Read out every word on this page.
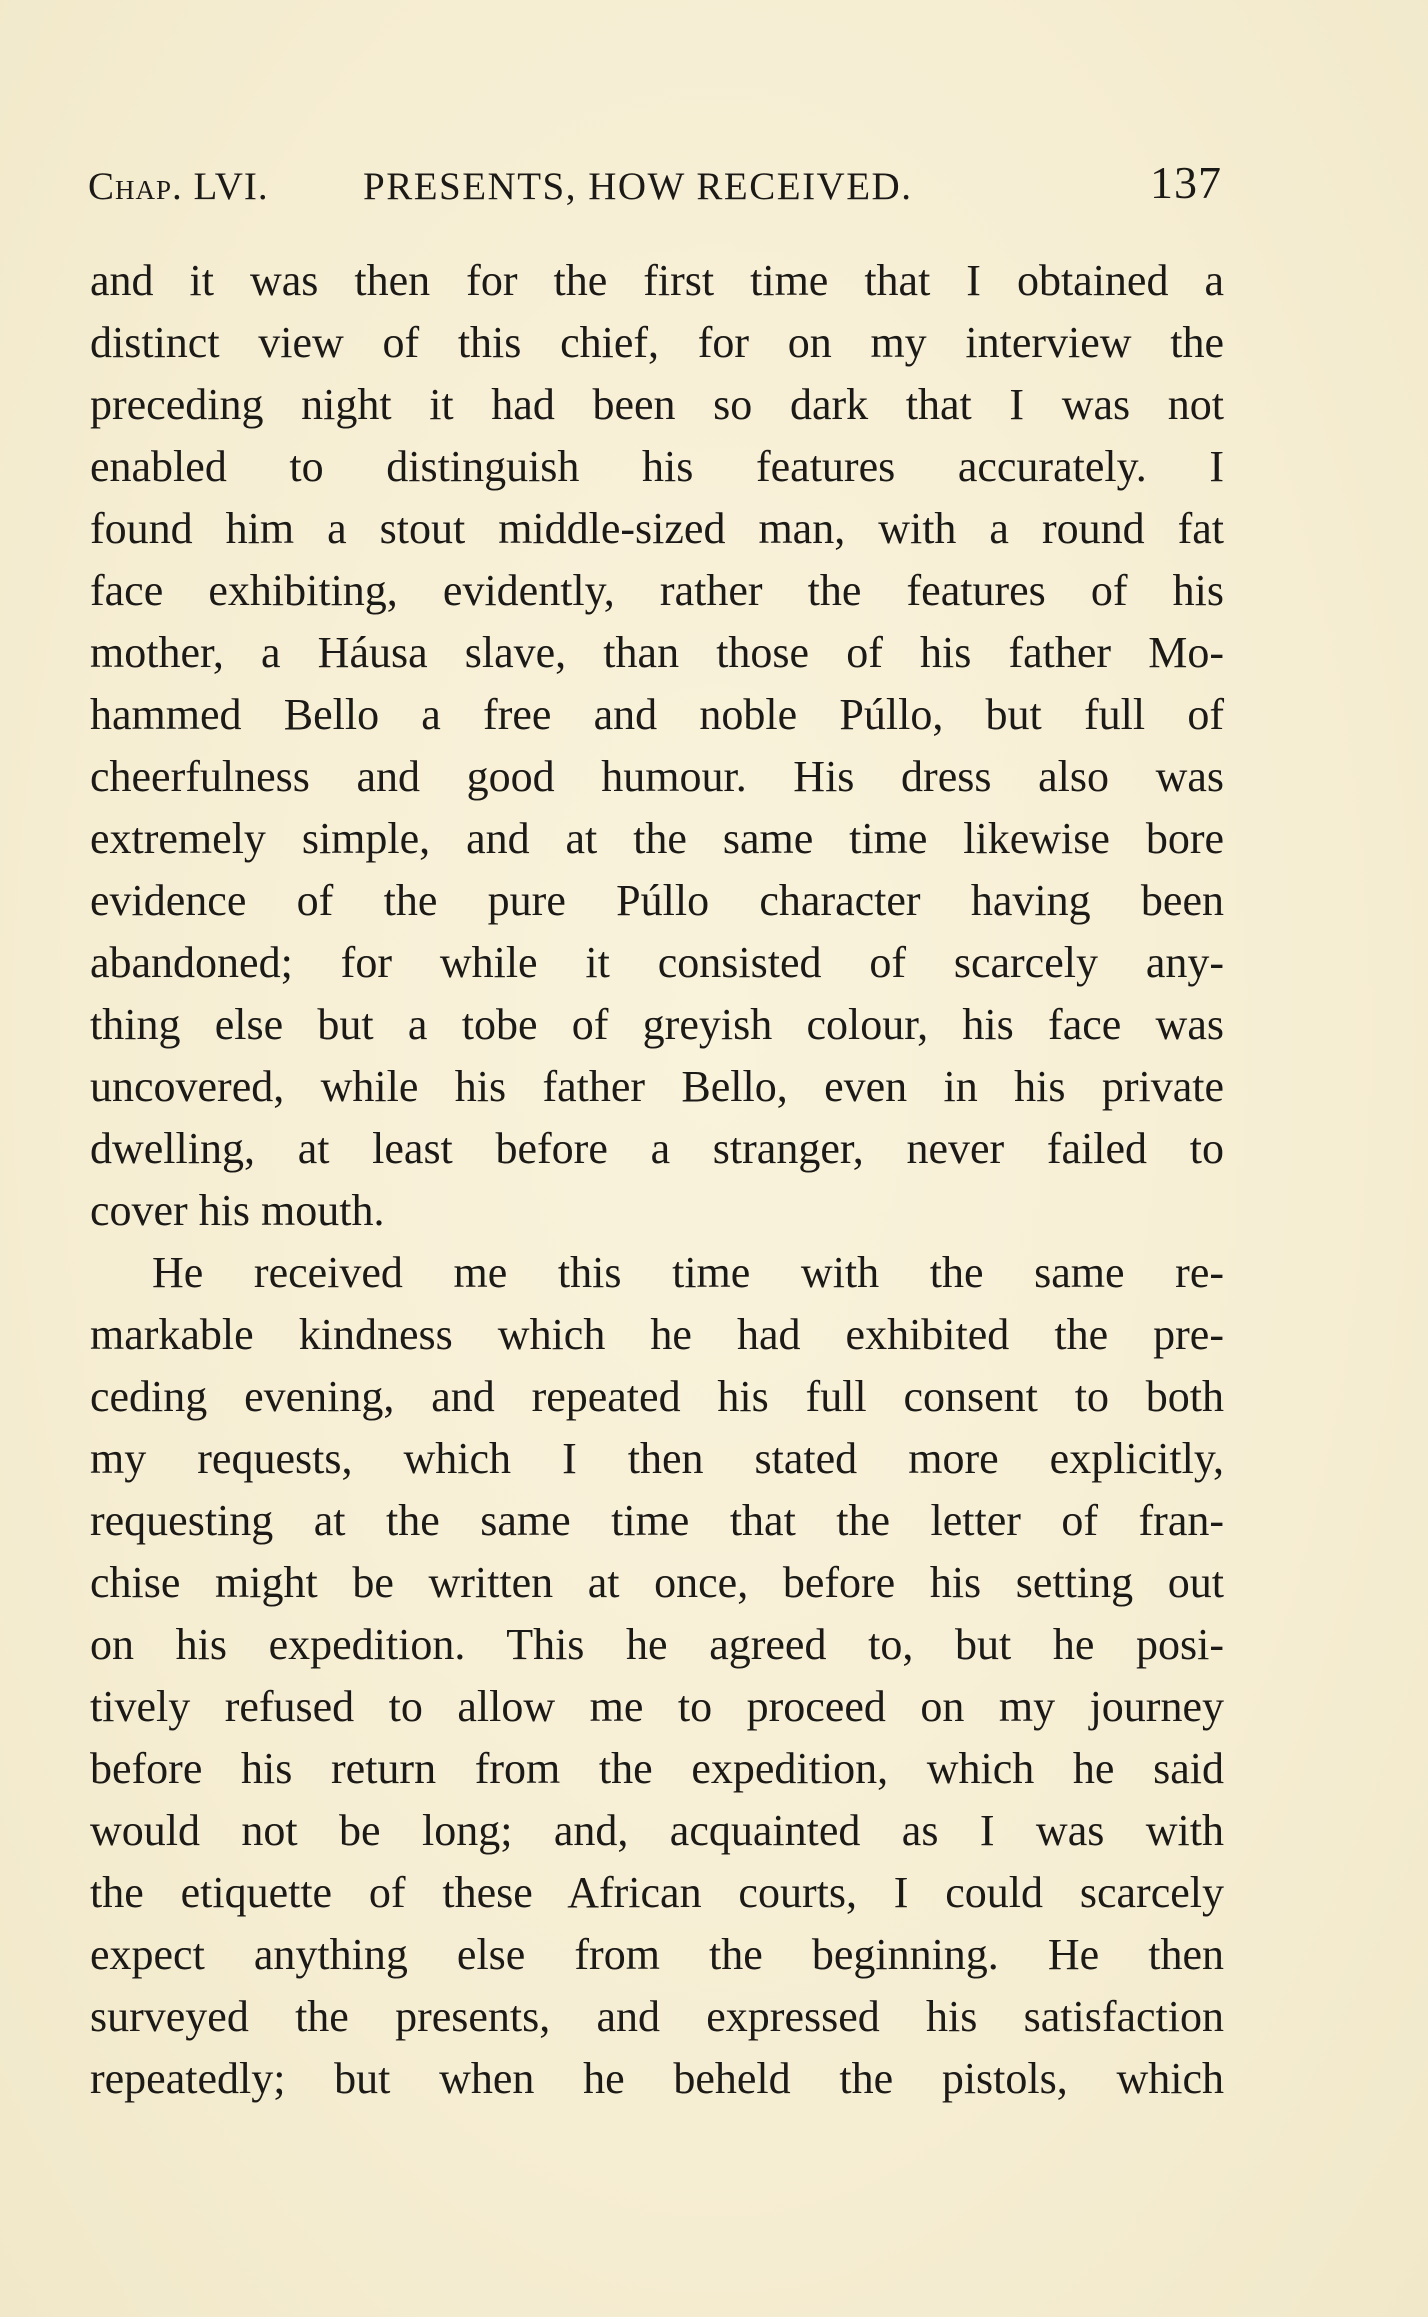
Chap. LVI. PRESENTS, HOW RECEIVED.	137
and it was then for the first time that I obtained a
distinct view of this chief, for on my interview the
preceding night it had been so dark that I was not
enabled to distinguish his features accurately. I
found him a stout middle-sized man, with a round fat
face exhibiting, evidently, rather the features of his
mother, a Háusa slave, than those of his father Mo-
hammed Bello a free and noble Púllo, but full of
cheerfulness and good humour. His dress also was
extremely simple, and at the same time likewise bore
evidence of the pure Púllo character having been
abandoned; for while it consisted of scarcely any-
thing else but a tobe of greyish colour, his face was
uncovered, while his father Bello, even in his private
dwelling, at least before a stranger, never failed to
cover his mouth.
He received me this time with the same re-
markable kindness which he had exhibited the pre-
ceding evening, and repeated his full consent to both
my requests, which I then stated more explicitly,
requesting at the same time that the letter of fran-
chise might be written at once, before his setting out
on his expedition. This he agreed to, but he posi-
tively refused to allow me to proceed on my journey
before his return from the expedition, which he said
would not be long; and, acquainted as I was with
the etiquette of these African courts, I could scarcely
expect anything else from the beginning. He then
surveyed the presents, and expressed his satisfaction
repeatedly; but when he beheld the pistols, which
